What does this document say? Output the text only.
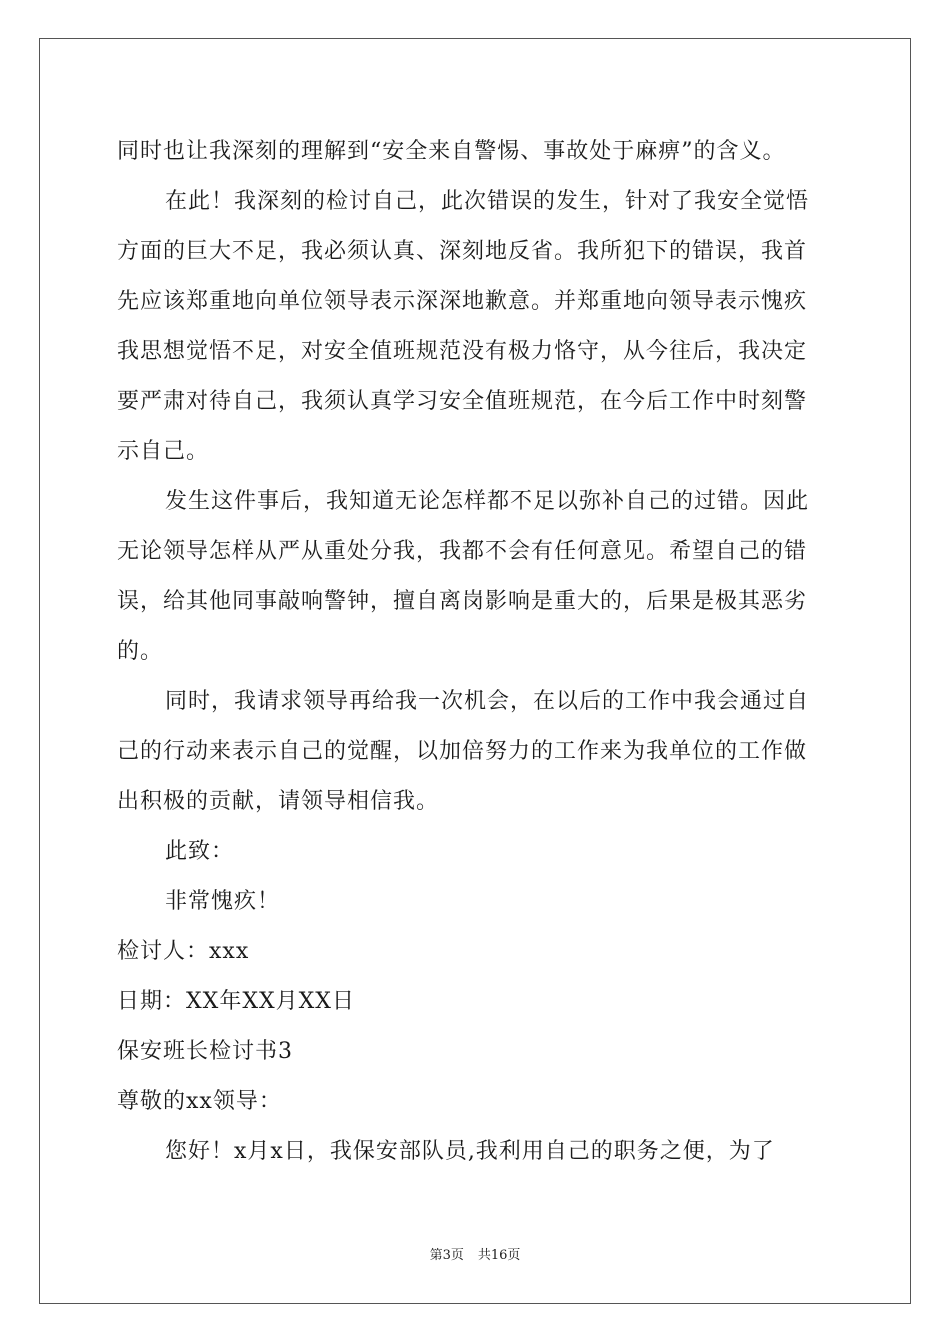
同时也让我深刻的理解到“安全来自警惕、事故处于麻痹”的含义。
在此！我深刻的检讨自己，此次错误的发生，针对了我安全觉悟
方面的巨大不足，我必须认真、深刻地反省。我所犯下的错误，我首
先应该郑重地向单位领导表示深深地歉意。并郑重地向领导表示愧疚
我思想觉悟不足，对安全值班规范没有极力恪守，从今往后，我决定
要严肃对待自己，我须认真学习安全值班规范，在今后工作中时刻警
示自己。
发生这件事后，我知道无论怎样都不足以弥补自己的过错。因此
无论领导怎样从严从重处分我，我都不会有任何意见。希望自己的错
误，给其他同事敲响警钟，擅自离岗影响是重大的，后果是极其恶劣
的。
同时，我请求领导再给我一次机会，在以后的工作中我会通过自
己的行动来表示自己的觉醒，以加倍努力的工作来为我单位的工作做
出积极的贡献，请领导相信我。
此致：
非常愧疚！
检讨人：xxx
日期：XX年XX月XX日
保安班长检讨书3
尊敬的xx领导：
您好！x月x日，我保安部队员,我利用自己的职务之便，为了
第3页 共16页
